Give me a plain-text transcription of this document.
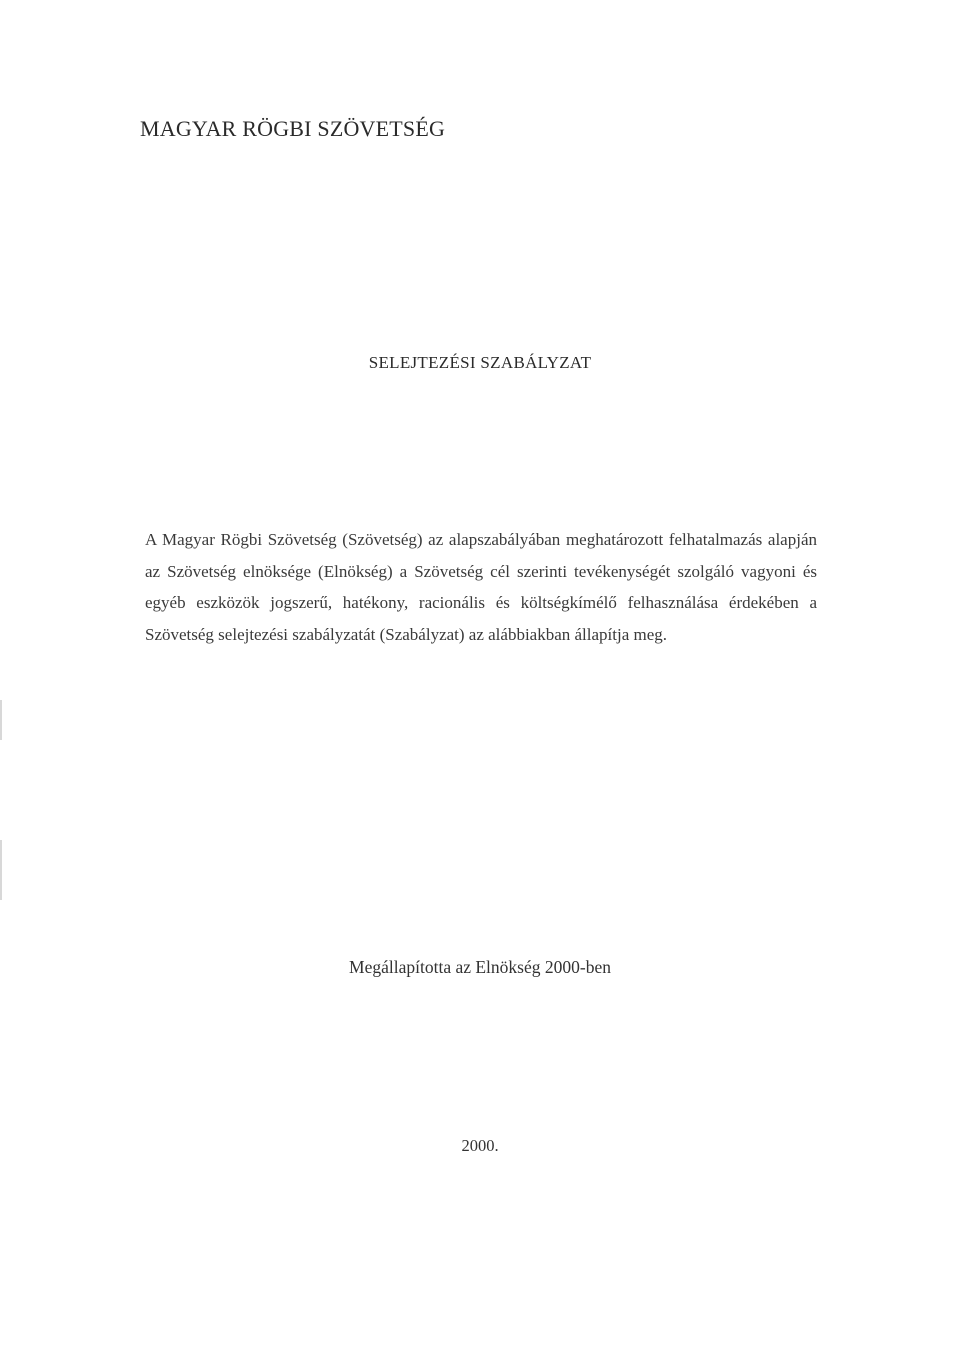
MAGYAR RÖGBI SZÖVETSÉG
SELEJTEZÉSI SZABÁLYZAT

A Magyar Rögbi Szövetség (Szövetség) az alapszabályában meghatározott felhatalmazás alapján az Szövetség elnöksége (Elnökség) a Szövetség cél szerinti tevékenységét szolgáló vagyoni és egyéb eszközök jogszerű, hatékony, racionális és költségkímélő felhasználása érdekében a Szövetség selejtezési szabályzatát (Szabályzat) az alábbiakban állapítja meg.

Megállapította az Elnökség 2000-ben
2000.
